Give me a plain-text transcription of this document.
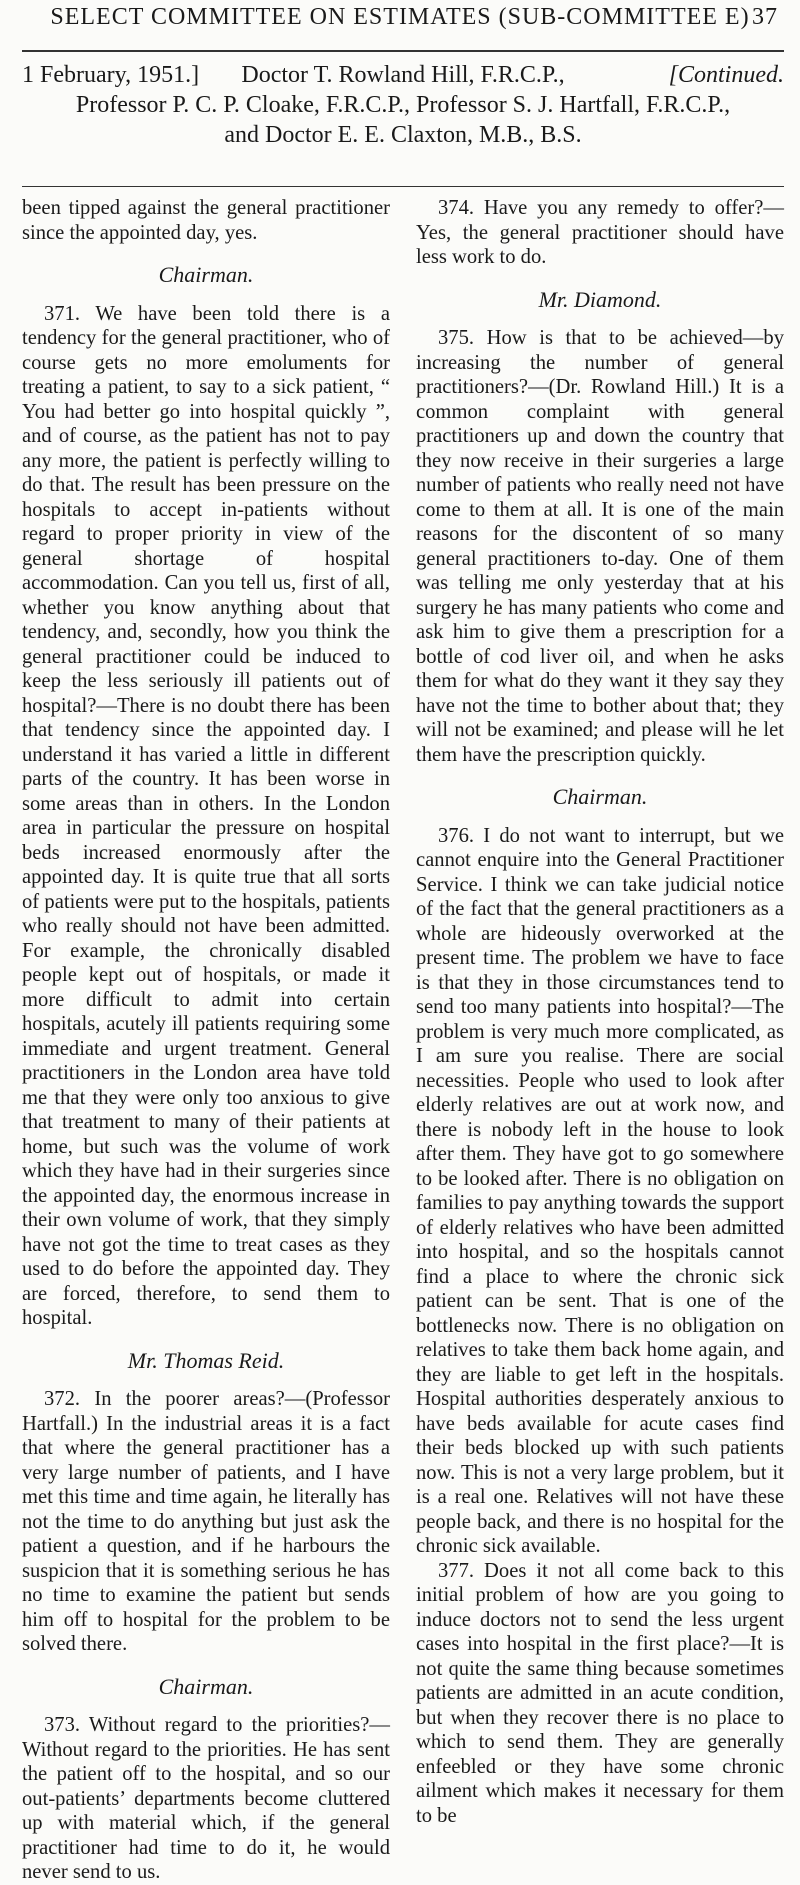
SELECT COMMITTEE ON ESTIMATES (SUB-COMMITTEE E) 37
1 February, 1951.]	[Continued.
Doctor T. Rowland Hill, F.R.C.P.,
Professor P. C. P. Cloake, F.R.C.P., Professor S. J. Hartfall, F.R.C.P.,
and Doctor E. E. Claxton, M.B., B.S.

been tipped against the general practitioner since the appointed day, yes.

Chairman.

371. We have been told there is a tendency for the general practitioner, who of course gets no more emoluments for treating a patient, to say to a sick patient, “ You had better go into hospital quickly ”, and of course, as the patient has not to pay any more, the patient is perfectly willing to do that. The result has been pressure on the hospitals to accept in-patients without regard to proper priority in view of the general shortage of hospital accommodation. Can you tell us, first of all, whether you know anything about that tendency, and, secondly, how you think the general practitioner could be induced to keep the less seriously ill patients out of hospital?—There is no doubt there has been that tendency since the appointed day. I understand it has varied a little in different parts of the country. It has been worse in some areas than in others. In the London area in particular the pressure on hospital beds increased enormously after the appointed day. It is quite true that all sorts of patients were put to the hospitals, patients who really should not have been admitted. For example, the chronically disabled people kept out of hospitals, or made it more difficult to admit into certain hospitals, acutely ill patients requiring some immediate and urgent treatment. General practitioners in the London area have told me that they were only too anxious to give that treatment to many of their patients at home, but such was the volume of work which they have had in their surgeries since the appointed day, the enormous increase in their own volume of work, that they simply have not got the time to treat cases as they used to do before the appointed day. They are forced, therefore, to send them to hospital.

Mr. Thomas Reid.

372. In the poorer areas?—(Professor Hartfall.) In the industrial areas it is a fact that where the general practitioner has a very large number of patients, and I have met this time and time again, he literally has not the time to do anything but just ask the patient a question, and if he harbours the suspicion that it is something serious he has no time to examine the patient but sends him off to hospital for the problem to be solved there.

Chairman.

373. Without regard to the priorities?—Without regard to the priorities. He has sent the patient off to the hospital, and so our out-patients’ departments become cluttered up with material which, if the general practitioner had time to do it, he would never send to us.

374. Have you any remedy to offer?—Yes, the general practitioner should have less work to do.

Mr. Diamond.

375. How is that to be achieved—by increasing the number of general practitioners?—(Dr. Rowland Hill.) It is a common complaint with general practitioners up and down the country that they now receive in their surgeries a large number of patients who really need not have come to them at all. It is one of the main reasons for the discontent of so many general practitioners to-day. One of them was telling me only yesterday that at his surgery he has many patients who come and ask him to give them a prescription for a bottle of cod liver oil, and when he asks them for what do they want it they say they have not the time to bother about that; they will not be examined; and please will he let them have the prescription quickly.

Chairman.

376. I do not want to interrupt, but we cannot enquire into the General Practitioner Service. I think we can take judicial notice of the fact that the general practitioners as a whole are hideously overworked at the present time. The problem we have to face is that they in those circumstances tend to send too many patients into hospital?—The problem is very much more complicated, as I am sure you realise. There are social necessities. People who used to look after elderly relatives are out at work now, and there is nobody left in the house to look after them. They have got to go somewhere to be looked after. There is no obligation on families to pay anything towards the support of elderly relatives who have been admitted into hospital, and so the hospitals cannot find a place to where the chronic sick patient can be sent. That is one of the bottlenecks now. There is no obligation on relatives to take them back home again, and they are liable to get left in the hospitals. Hospital authorities desperately anxious to have beds available for acute cases find their beds blocked up with such patients now. This is not a very large problem, but it is a real one. Relatives will not have these people back, and there is no hospital for the chronic sick available.

377. Does it not all come back to this initial problem of how are you going to induce doctors not to send the less urgent cases into hospital in the first place?—It is not quite the same thing because sometimes patients are admitted in an acute condition, but when they recover there is no place to which to send them. They are generally enfeebled or they have some chronic ailment which makes it necessary for them to be
